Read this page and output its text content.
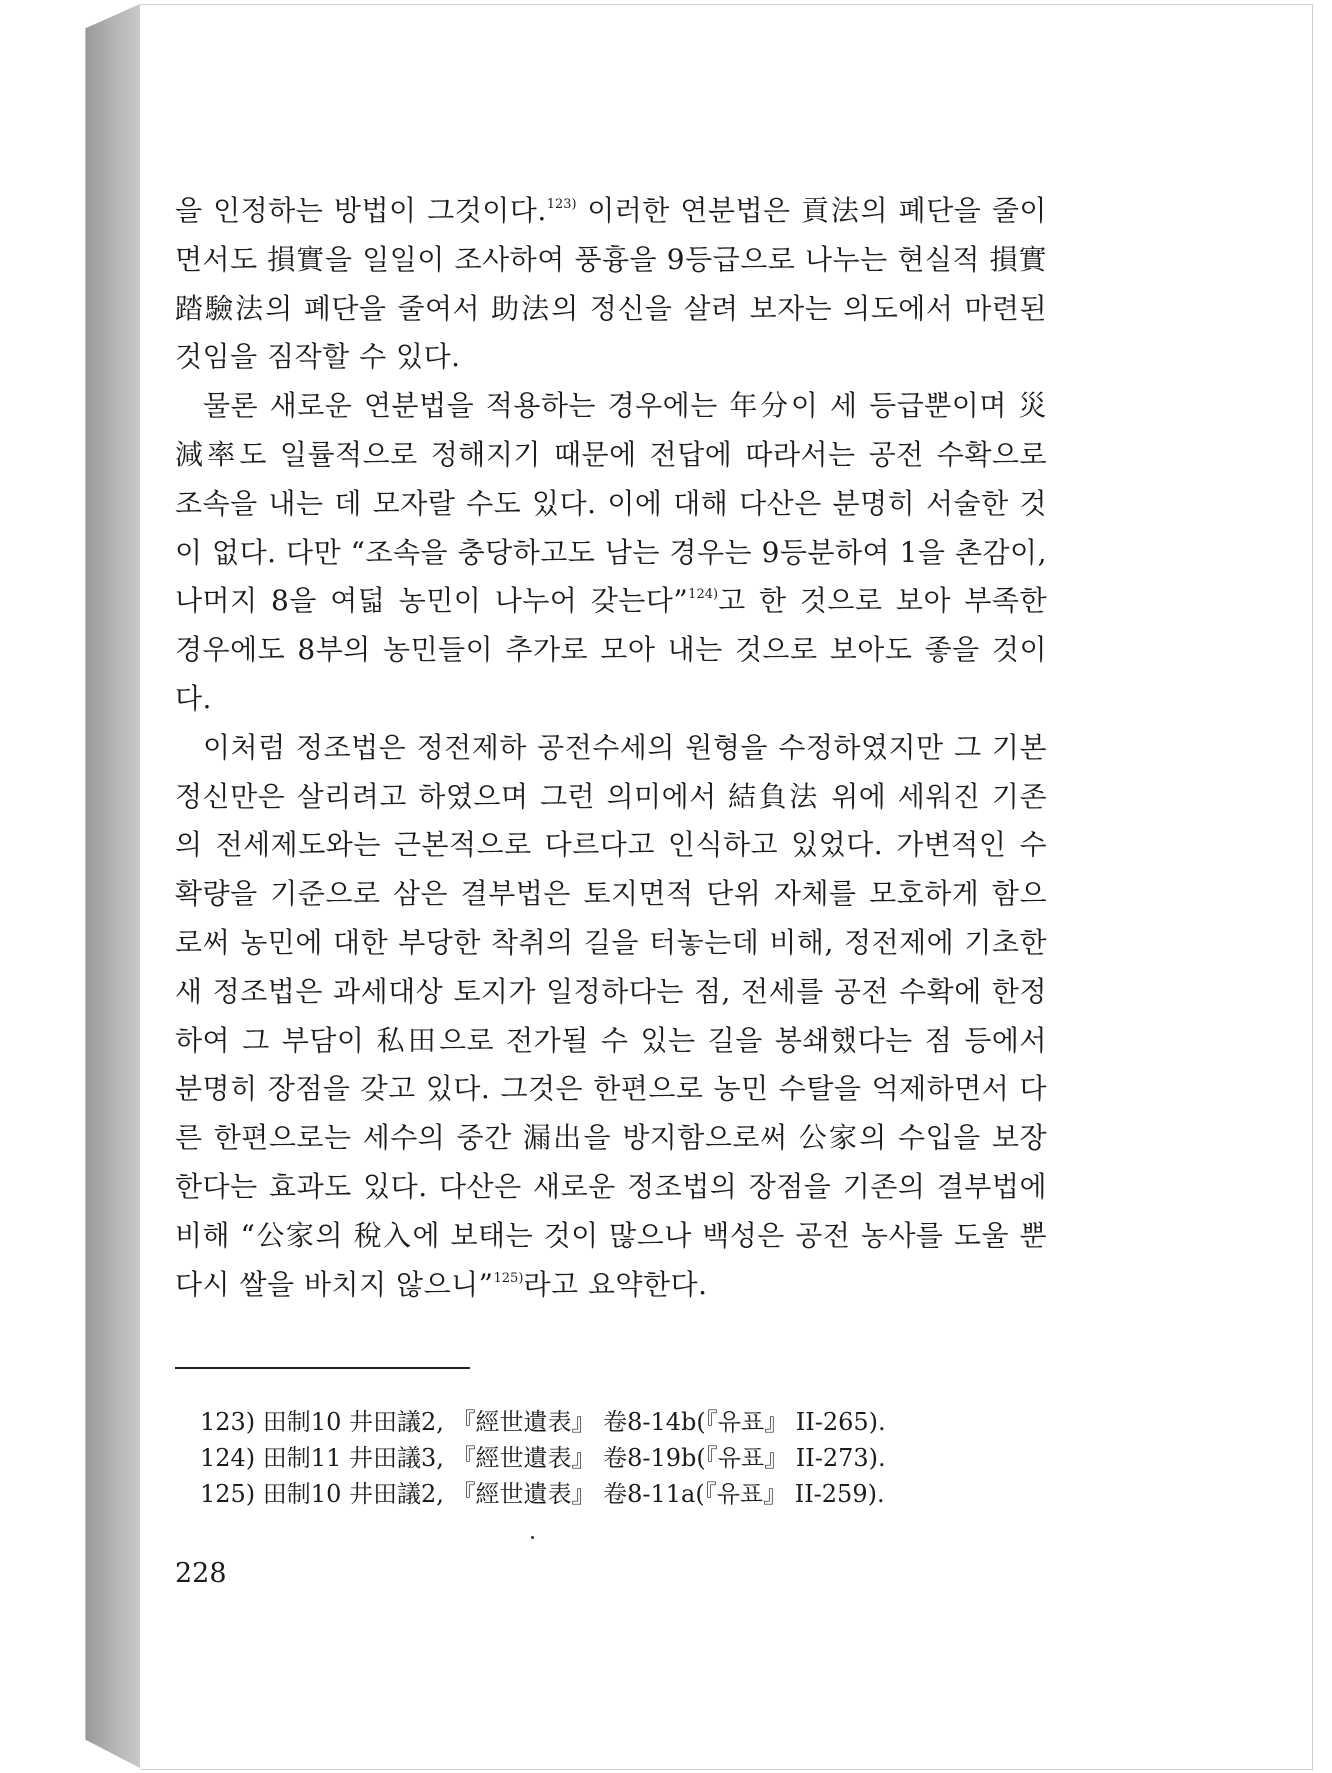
을 인정하는 방법이 그것이다.$^{123)}$ 이러한 연분법은 貢法의 폐단을 줄이면서도 損實을 일일이 조사하여 풍흉을 9등급으로 나누는 현실적 損實踏驗法의 폐단을 줄여서 助法의 정신을 살려 보자는 의도에서 마련된 것임을 짐작할 수 있다.

물론 새로운 연분법을 적용하는 경우에는 年分이 세 등급뿐이며 災減率도 일률적으로 정해지기 때문에 전답에 따라서는 공전 수확으로 조속을 내는 데 모자랄 수도 있다. 이에 대해 다산은 분명히 서술한 것이 없다. 다만 “조속을 충당하고도 남는 경우는 9등분하여 1을 촌감이, 나머지 8을 여덟 농민이 나누어 갖는다”$^{124)}$고 한 것으로 보아 부족한 경우에도 8부의 농민들이 추가로 모아 내는 것으로 보아도 좋을 것이다.

이처럼 정조법은 정전제하 공전수세의 원형을 수정하였지만 그 기본 정신만은 살리려고 하였으며 그런 의미에서 結負法 위에 세워진 기존의 전세제도와는 근본적으로 다르다고 인식하고 있었다. 가변적인 수확량을 기준으로 삼은 결부법은 토지면적 단위 자체를 모호하게 함으로써 농민에 대한 부당한 착취의 길을 터놓는데 비해, 정전제에 기초한 새 정조법은 과세대상 토지가 일정하다는 점, 전세를 공전 수확에 한정하여 그 부담이 私田으로 전가될 수 있는 길을 봉쇄했다는 점 등에서 분명히 장점을 갖고 있다. 그것은 한편으로 농민 수탈을 억제하면서 다른 한편으로는 세수의 중간 漏出을 방지함으로써 公家의 수입을 보장한다는 효과도 있다. 다산은 새로운 정조법의 장점을 기존의 결부법에 비해 “公家의 稅入에 보태는 것이 많으나 백성은 공전 농사를 도울 뿐 다시 쌀을 바치지 않으니”$^{125)}$라고 요약한다.

123) 田制10 井田議2, 『經世遺表』 卷8-14b(『유표』 II-265).
124) 田制11 井田議3, 『經世遺表』 卷8-19b(『유표』 II-273).
125) 田制10 井田議2, 『經世遺表』 卷8-11a(『유표』 II-259).
228
